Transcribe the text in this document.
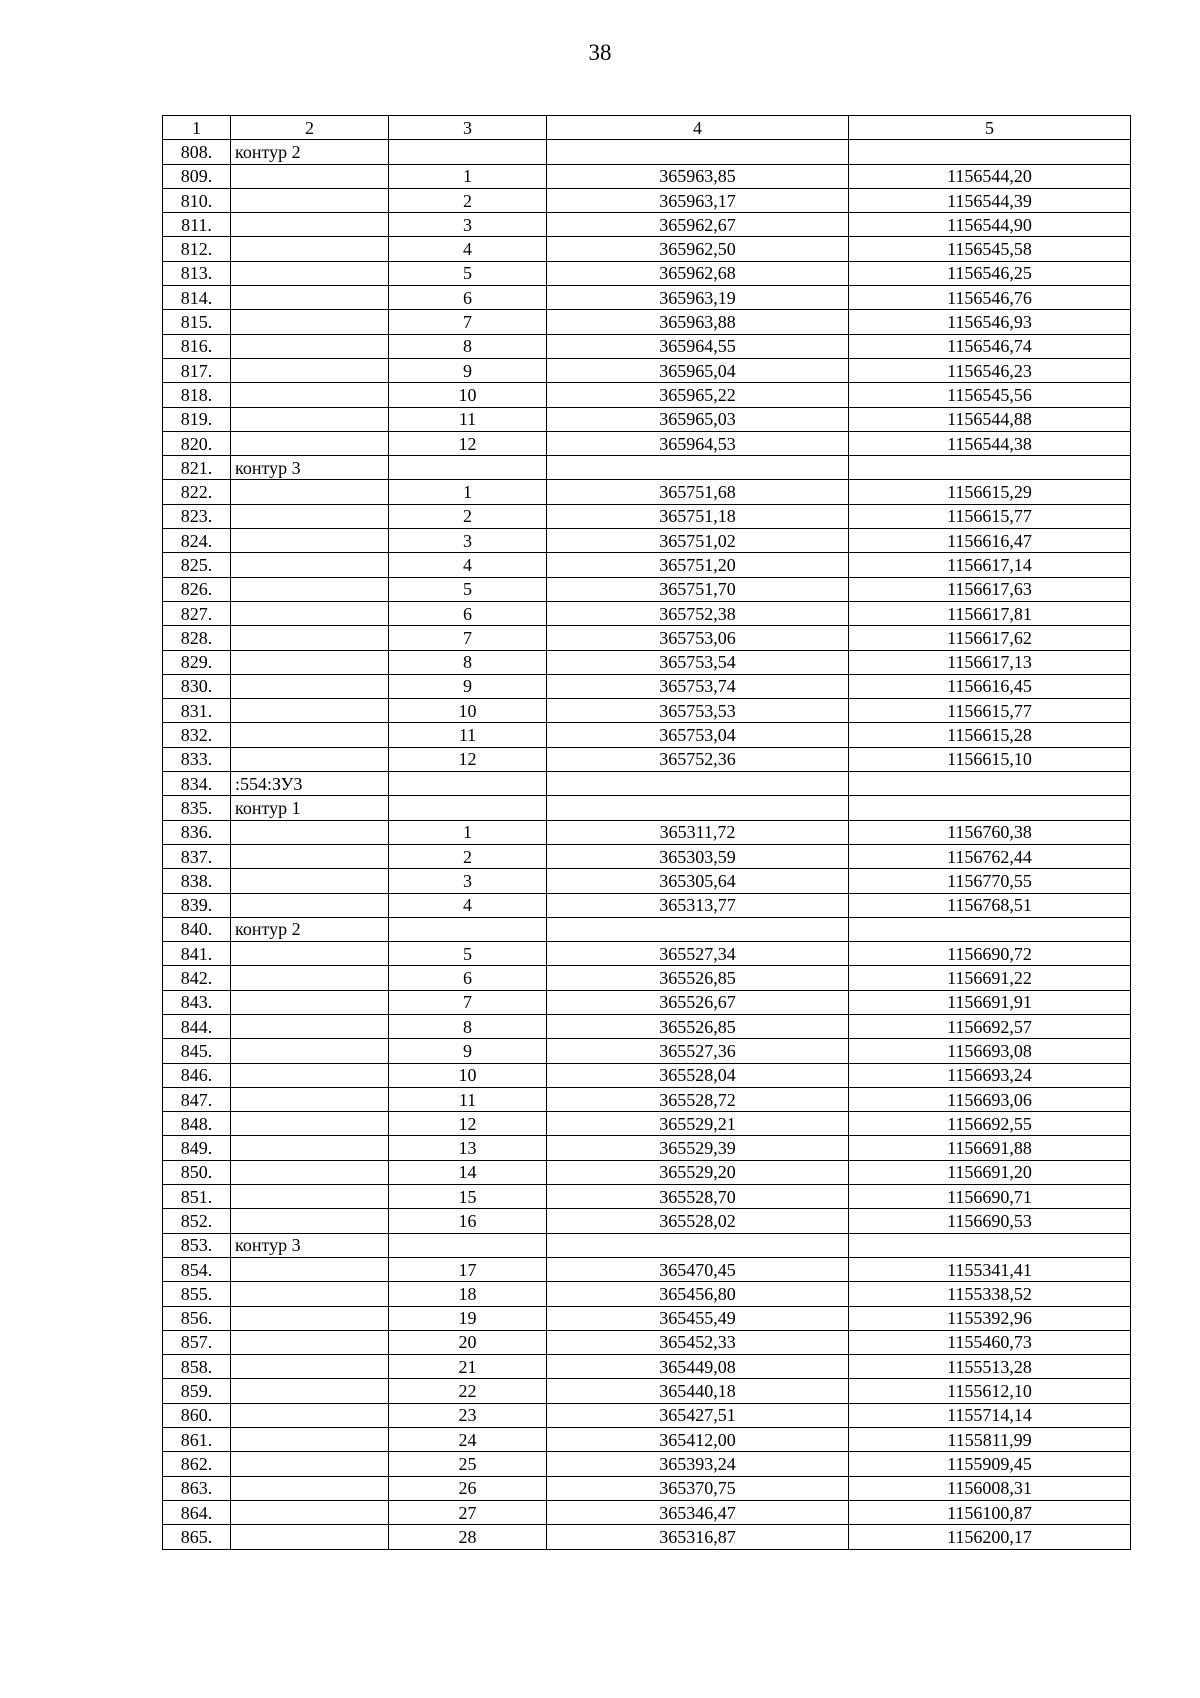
38
1	2	3	4	5
808.	контур 2			
809.		1	365963,85	1156544,20
810.		2	365963,17	1156544,39
811.		3	365962,67	1156544,90
812.		4	365962,50	1156545,58
813.		5	365962,68	1156546,25
814.		6	365963,19	1156546,76
815.		7	365963,88	1156546,93
816.		8	365964,55	1156546,74
817.		9	365965,04	1156546,23
818.		10	365965,22	1156545,56
819.		11	365965,03	1156544,88
820.		12	365964,53	1156544,38
821.	контур 3			
822.		1	365751,68	1156615,29
823.		2	365751,18	1156615,77
824.		3	365751,02	1156616,47
825.		4	365751,20	1156617,14
826.		5	365751,70	1156617,63
827.		6	365752,38	1156617,81
828.		7	365753,06	1156617,62
829.		8	365753,54	1156617,13
830.		9	365753,74	1156616,45
831.		10	365753,53	1156615,77
832.		11	365753,04	1156615,28
833.		12	365752,36	1156615,10
834.	:554:ЗУ3			
835.	контур 1			
836.		1	365311,72	1156760,38
837.		2	365303,59	1156762,44
838.		3	365305,64	1156770,55
839.		4	365313,77	1156768,51
840.	контур 2			
841.		5	365527,34	1156690,72
842.		6	365526,85	1156691,22
843.		7	365526,67	1156691,91
844.		8	365526,85	1156692,57
845.		9	365527,36	1156693,08
846.		10	365528,04	1156693,24
847.		11	365528,72	1156693,06
848.		12	365529,21	1156692,55
849.		13	365529,39	1156691,88
850.		14	365529,20	1156691,20
851.		15	365528,70	1156690,71
852.		16	365528,02	1156690,53
853.	контур 3			
854.		17	365470,45	1155341,41
855.		18	365456,80	1155338,52
856.		19	365455,49	1155392,96
857.		20	365452,33	1155460,73
858.		21	365449,08	1155513,28
859.		22	365440,18	1155612,10
860.		23	365427,51	1155714,14
861.		24	365412,00	1155811,99
862.		25	365393,24	1155909,45
863.		26	365370,75	1156008,31
864.		27	365346,47	1156100,87
865.		28	365316,87	1156200,17
